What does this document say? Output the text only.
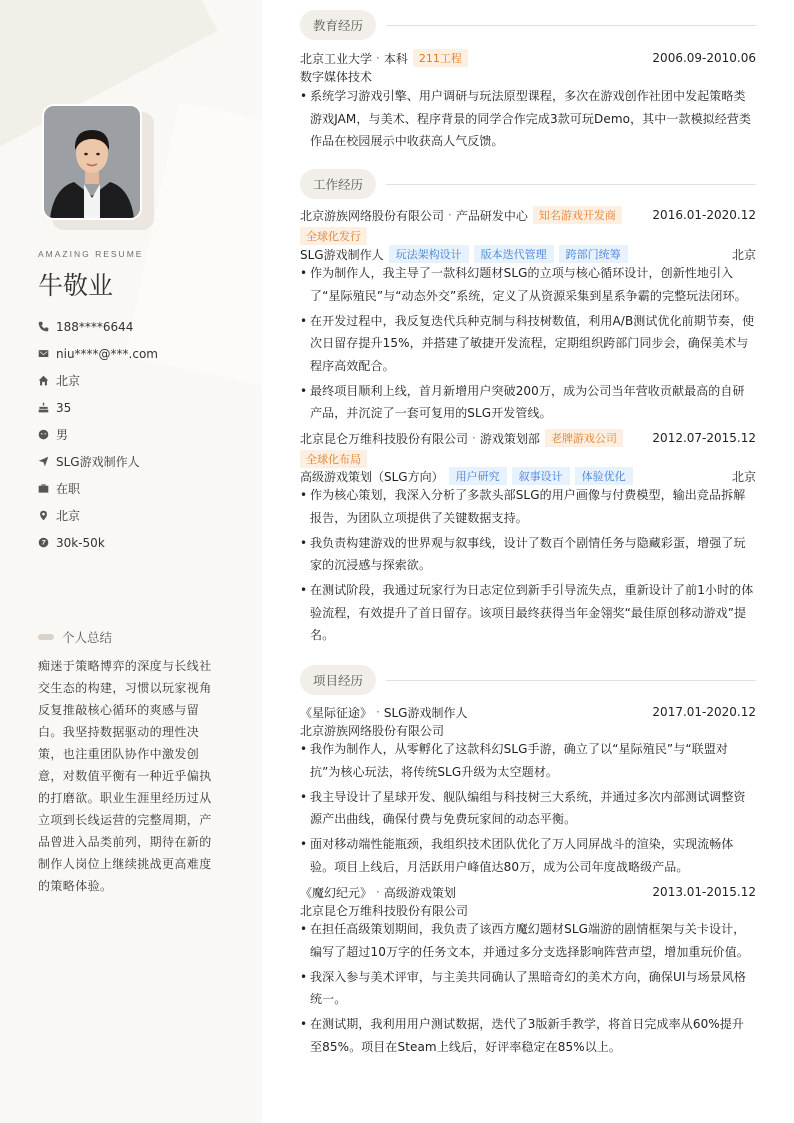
AMAZING RESUME
牛敬业
188****6644
niu****@***.com
北京
35
男
SLG游戏制作人
在职
北京
30k-50k
个人总结
痴迷于策略博弈的深度与长线社交生态的构建，习惯以玩家视角反复推敲核心循环的爽感与留白。我坚持数据驱动的理性决策，也注重团队协作中激发创意，对数值平衡有一种近乎偏执的打磨欲。职业生涯里经历过从立项到长线运营的完整周期，产品曾进入品类前列，期待在新的制作人岗位上继续挑战更高难度的策略体验。
教育经历
北京工业大学 · 本科	211工程	2006.09-2010.06
数字媒体技术
• 系统学习游戏引擎、用户调研与玩法原型课程，多次在游戏创作社团中发起策略类游戏JAM，与美术、程序背景的同学合作完成3款可玩Demo，其中一款模拟经营类作品在校园展示中收获高人气反馈。
工作经历
北京游族网络股份有限公司 · 产品研发中心	知名游戏开发商	2016.01-2020.12
全球化发行
SLG游戏制作人	玩法架构设计	版本迭代管理	跨部门统筹	北京
• 作为制作人，我主导了一款科幻题材SLG的立项与核心循环设计，创新性地引入了“星际殖民”与“动态外交”系统，定义了从资源采集到星系争霸的完整玩法闭环。
• 在开发过程中，我反复迭代兵种克制与科技树数值，利用A/B测试优化前期节奏，使次日留存提升15%，并搭建了敏捷开发流程，定期组织跨部门同步会，确保美术与程序高效配合。
• 最终项目顺利上线，首月新增用户突破200万，成为公司当年营收贡献最高的自研产品，并沉淀了一套可复用的SLG开发管线。
北京昆仑万维科技股份有限公司 · 游戏策划部	老牌游戏公司	2012.07-2015.12
全球化布局
高级游戏策划（SLG方向）	用户研究	叙事设计	体验优化	北京
• 作为核心策划，我深入分析了多款头部SLG的用户画像与付费模型，输出竞品拆解报告，为团队立项提供了关键数据支持。
• 我负责构建游戏的世界观与叙事线，设计了数百个剧情任务与隐藏彩蛋，增强了玩家的沉浸感与探索欲。
• 在测试阶段，我通过玩家行为日志定位到新手引导流失点，重新设计了前1小时的体验流程，有效提升了首日留存。该项目最终获得当年金翎奖“最佳原创移动游戏”提名。
项目经历
《星际征途》 · SLG游戏制作人	2017.01-2020.12
北京游族网络股份有限公司
• 我作为制作人，从零孵化了这款科幻SLG手游，确立了以“星际殖民”与“联盟对抗”为核心玩法，将传统SLG升级为太空题材。
• 我主导设计了星球开发、舰队编组与科技树三大系统，并通过多次内部测试调整资源产出曲线，确保付费与免费玩家间的动态平衡。
• 面对移动端性能瓶颈，我组织技术团队优化了万人同屏战斗的渲染，实现流畅体验。项目上线后，月活跃用户峰值达80万，成为公司年度战略级产品。
《魔幻纪元》 · 高级游戏策划	2013.01-2015.12
北京昆仑万维科技股份有限公司
• 在担任高级策划期间，我负责了该西方魔幻题材SLG端游的剧情框架与关卡设计，编写了超过10万字的任务文本，并通过多分支选择影响阵营声望，增加重玩价值。
• 我深入参与美术评审，与主美共同确认了黑暗奇幻的美术方向，确保UI与场景风格统一。
• 在测试期，我利用用户测试数据，迭代了3版新手教学，将首日完成率从60%提升至85%。项目在Steam上线后，好评率稳定在85%以上。
